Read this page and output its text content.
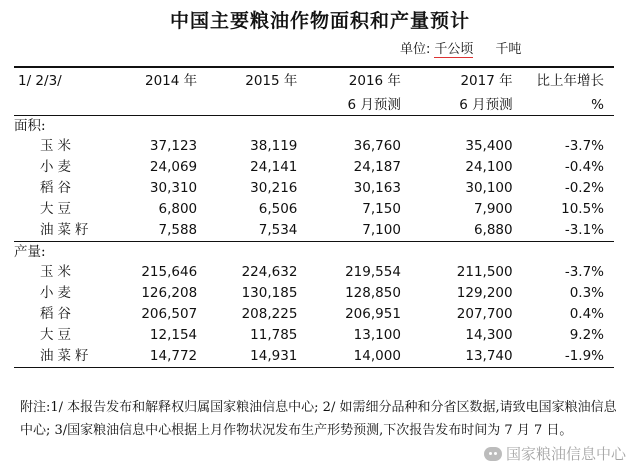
中国主要粮油作物面积和产量预计
单位: 千公顷 千吨
1/ 2/3/	2014 年	2015 年	2016 年	2017 年	比上年增长
			6 月预测	6 月预测	%
面积:					
玉米	37,123	38,119	36,760	35,400	-3.7%
小麦	24,069	24,141	24,187	24,100	-0.4%
稻谷	30,310	30,216	30,163	30,100	-0.2%
大豆	6,800	6,506	7,150	7,900	10.5%
油菜籽	7,588	7,534	7,100	6,880	-3.1%
产量:					
玉米	215,646	224,632	219,554	211,500	-3.7%
小麦	126,208	130,185	128,850	129,200	0.3%
稻谷	206,507	208,225	206,951	207,700	0.4%
大豆	12,154	11,785	13,100	14,300	9.2%
油菜籽	14,772	14,931	14,000	13,740	-1.9%
附注:1/ 本报告发布和解释权归属国家粮油信息中心; 2/ 如需细分品种和分省区数据,请致电国家粮油信息中心; 3/国家粮油信息中心根据上月作物状况发布生产形势预测,下次报告发布时间为 7 月 7 日。
国家粮油信息中心
